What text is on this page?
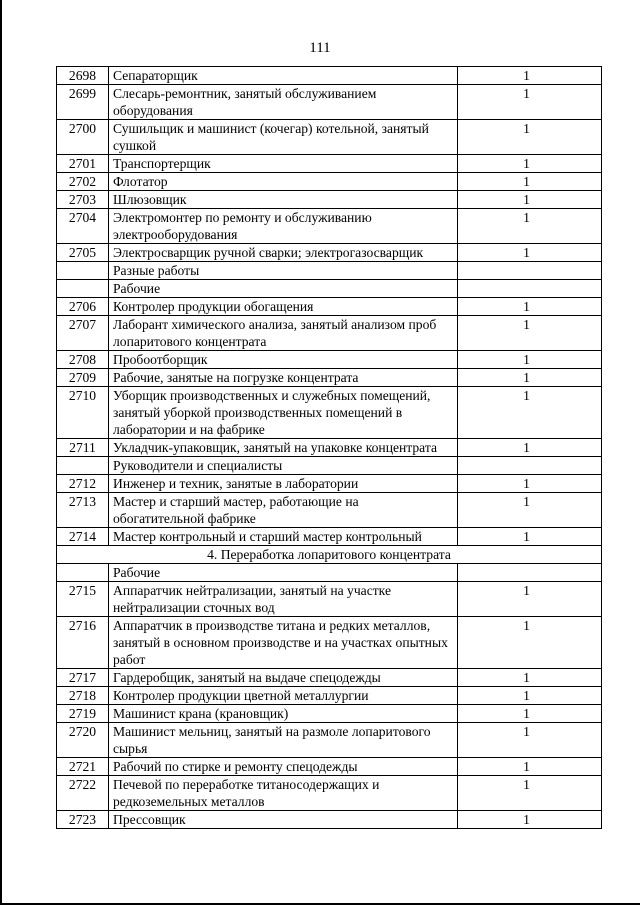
111
2698	Сепараторщик	1
2699	Слесарь-ремонтник, занятый обслуживанием оборудования	1
2700	Сушильщик и машинист (кочегар) котельной, занятый сушкой	1
2701	Транспортерщик	1
2702	Флотатор	1
2703	Шлюзовщик	1
2704	Электромонтер по ремонту и обслуживанию электрооборудования	1
2705	Электросварщик ручной сварки; электрогазосварщик	1
	Разные работы	
	Рабочие	
2706	Контролер продукции обогащения	1
2707	Лаборант химического анализа, занятый анализом проб лопаритового концентрата	1
2708	Пробоотборщик	1
2709	Рабочие, занятые на погрузке концентрата	1
2710	Уборщик производственных и служебных помещений, занятый уборкой производственных помещений в лаборатории и на фабрике	1
2711	Укладчик-упаковщик, занятый на упаковке концентрата	1
	Руководители и специалисты	
2712	Инженер и техник, занятые в лаборатории	1
2713	Мастер и старший мастер, работающие на обогатительной фабрике	1
2714	Мастер контрольный и старший мастер контрольный	1
4. Переработка лопаритового концентрата		
	Рабочие	
2715	Аппаратчик нейтрализации, занятый на участке нейтрализации сточных вод	1
2716	Аппаратчик в производстве титана и редких металлов, занятый в основном производстве и на участках опытных работ	1
2717	Гардеробщик, занятый на выдаче спецодежды	1
2718	Контролер продукции цветной металлургии	1
2719	Машинист крана (крановщик)	1
2720	Машинист мельниц, занятый на размоле лопаритового сырья	1
2721	Рабочий по стирке и ремонту спецодежды	1
2722	Печевой по переработке титаносодержащих и редкоземельных металлов	1
2723	Прессовщик	1
